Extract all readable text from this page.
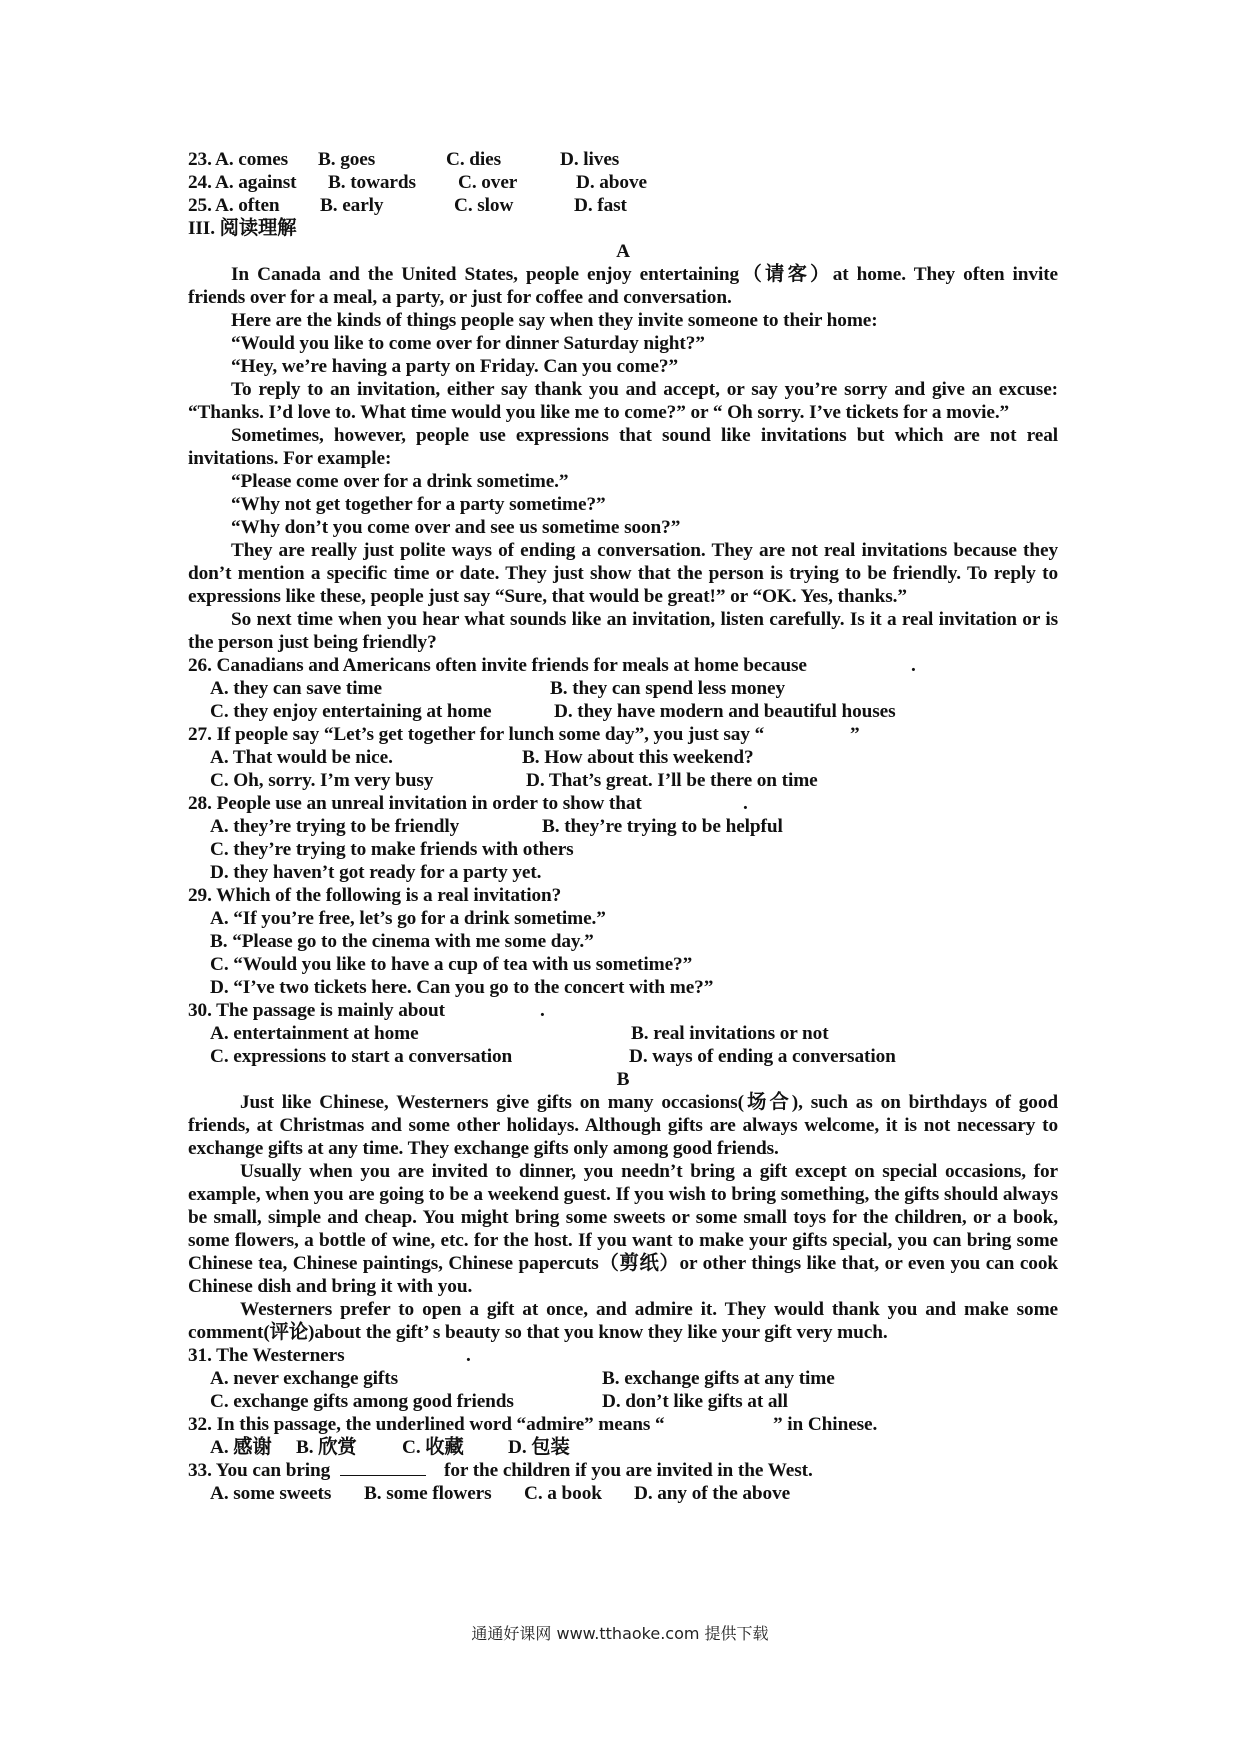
23. A. comes B. goes	C. dies	D. lives
24. A. against B. towards C. over	D. above
25. A. often B. early	C. slow	D. fast

III. 阅读理解

A

In Canada and the United States, people enjoy entertaining（请客）at home. They often invite friends over for a meal, a party, or just for coffee and conversation.

Here are the kinds of things people say when they invite someone to their home:

“Would you like to come over for dinner Saturday night?”

“Hey, we’re having a party on Friday. Can you come?”

To reply to an invitation, either say thank you and accept, or say you’re sorry and give an excuse: “Thanks. I’d love to. What time would you like me to come?” or “ Oh sorry. I’ve tickets for a movie.”

Sometimes, however, people use expressions that sound like invitations but which are not real invitations. For example:

“Please come over for a drink sometime.”

“Why not get together for a party sometime?”

“Why don’t you come over and see us sometime soon?”

They are really just polite ways of ending a conversation. They are not real invitations because they don’t mention a specific time or date. They just show that the person is trying to be friendly. To reply to expressions like these, people just say “Sure, that would be great!” or “OK. Yes, thanks.”

So next time when you hear what sounds like an invitation, listen carefully. Is it a real invitation or is the person just being friendly?

26. Canadians and Americans often invite friends for meals at home because	.
A. they can save time	B. they can spend less money
C. they enjoy entertaining at home	D. they have modern and beautiful houses
27. If people say “Let’s get together for lunch some day”, you just say “	”
A. That would be nice.	B. How about this weekend?
C. Oh, sorry. I’m very busy	D. That’s great. I’ll be there on time
28. People use an unreal invitation in order to show that	.
A. they’re trying to be friendly	B. they’re trying to be helpful
C. they’re trying to make friends with others
D. they haven’t got ready for a party yet.

29. Which of the following is a real invitation?

A. “If you’re free, let’s go for a drink sometime.”

B. “Please go to the cinema with me some day.”

C. “Would you like to have a cup of tea with us sometime?”

D. “I’ve two tickets here. Can you go to the concert with me?”

30. The passage is mainly about	.
A. entertainment at home	B. real invitations or not
C. expressions to start a conversation	D. ways of ending a conversation

B

Just like Chinese, Westerners give gifts on many occasions(场合), such as on birthdays of good friends, at Christmas and some other holidays. Although gifts are always welcome, it is not necessary to exchange gifts at any time. They exchange gifts only among good friends.

Usually when you are invited to dinner, you needn’t bring a gift except on special occasions, for example, when you are going to be a weekend guest. If you wish to bring something, the gifts should always be small, simple and cheap. You might bring some sweets or some small toys for the children, or a book, some flowers, a bottle of wine, etc. for the host. If you want to make your gifts special, you can bring some Chinese tea, Chinese paintings, Chinese papercuts（剪纸）or other things like that, or even you can cook Chinese dish and bring it with you.

Westerners prefer to open a gift at once, and admire it. They would thank you and make some comment(评论)about the gift’ s beauty so that you know they like your gift very much.

31. The Westerners	.
A. never exchange gifts	B. exchange gifts at any time
C. exchange gifts among good friends	D. don’t like gifts at all
32. In this passage, the underlined word “admire” means “	” in Chinese.
A. 感谢 B. 欣赏 C. 收藏 D. 包装
33. You can bring	for the children if you are invited in the West.
A. some sweets B. some flowers C. a book D. any of the above
通通好课网 www.tthaoke.com 提供下载
